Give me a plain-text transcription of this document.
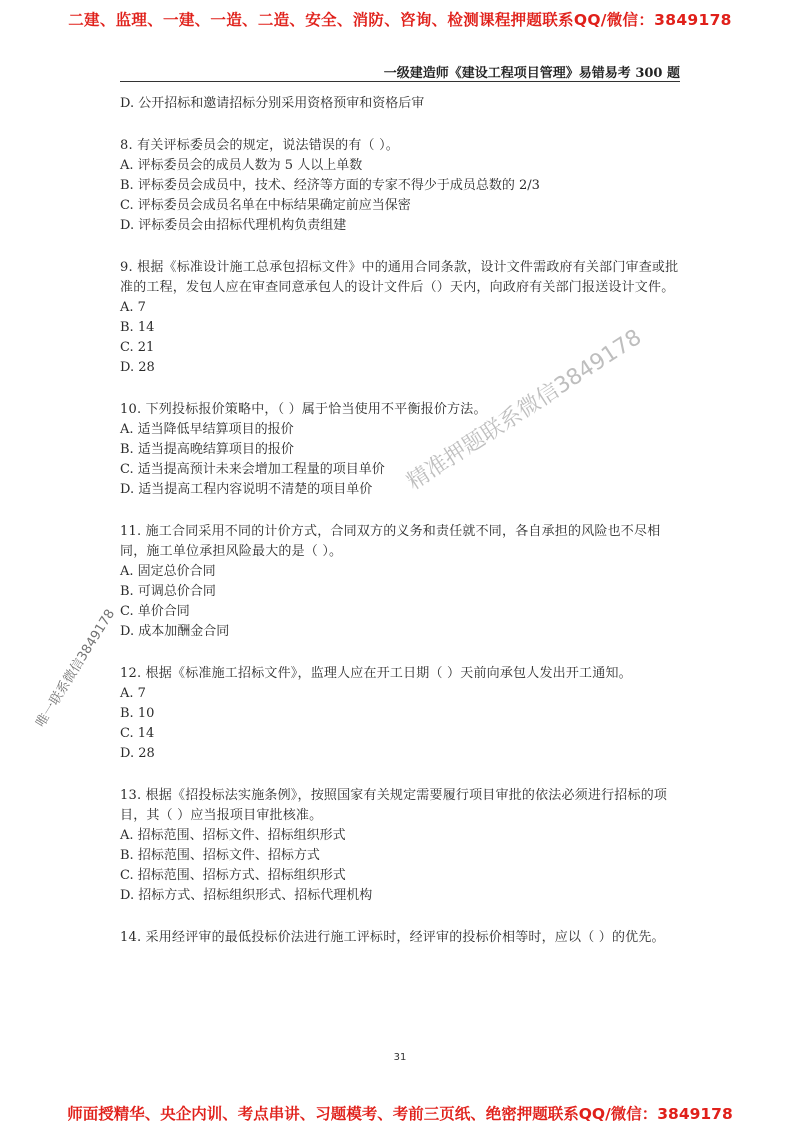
二建、监理、一建、一造、二造、安全、消防、咨询、检测课程押题联系QQ/微信：3849178
一级建造师《建设工程项目管理》易错易考 300 题

D. 公开招标和邀请招标分别采用资格预审和资格后审

8. 有关评标委员会的规定，说法错误的有（ ）。

A. 评标委员会的成员人数为 5 人以上单数

B. 评标委员会成员中，技术、经济等方面的专家不得少于成员总数的 2/3

C. 评标委员会成员名单在中标结果确定前应当保密

D. 评标委员会由招标代理机构负责组建

9. 根据《标准设计施工总承包招标文件》中的通用合同条款，设计文件需政府有关部门审查或批准的工程，发包人应在审查同意承包人的设计文件后（）天内，向政府有关部门报送设计文件。

A. 7

B. 14

C. 21

D. 28

10. 下列投标报价策略中，（ ）属于恰当使用不平衡报价方法。

A. 适当降低早结算项目的报价

B. 适当提高晚结算项目的报价

C. 适当提高预计未来会增加工程量的项目单价

D. 适当提高工程内容说明不清楚的项目单价

11. 施工合同采用不同的计价方式，合同双方的义务和责任就不同，各自承担的风险也不尽相同，施工单位承担风险最大的是（ ）。

A. 固定总价合同

B. 可调总价合同

C. 单价合同

D. 成本加酬金合同

12. 根据《标准施工招标文件》，监理人应在开工日期（ ）天前向承包人发出开工通知。

A. 7

B. 10

C. 14

D. 28

13. 根据《招投标法实施条例》，按照国家有关规定需要履行项目审批的依法必须进行招标的项目，其（ ）应当报项目审批核准。

A. 招标范围、招标文件、招标组织形式

B. 招标范围、招标文件、招标方式

C. 招标范围、招标方式、招标组织形式

D. 招标方式、招标组织形式、招标代理机构

14. 采用经评审的最低投标价法进行施工评标时，经评审的投标价相等时，应以（ ）的优先。

31
师面授精华、央企内训、考点串讲、习题模考、考前三页纸、绝密押题联系QQ/微信：3849178
精准押题联系微信3849178
唯一联系微信3849178
